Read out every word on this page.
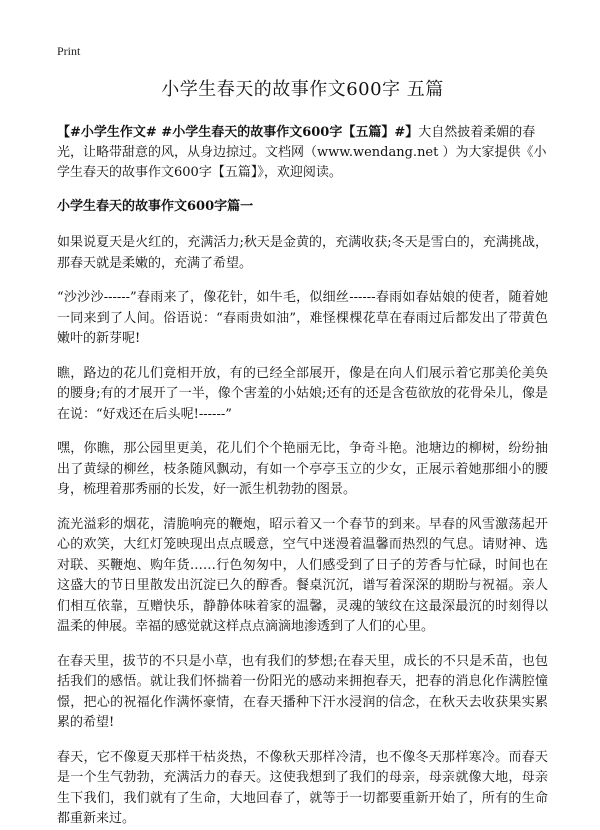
Print
小学生春天的故事作文600字 五篇

【#小学生作文# #小学生春天的故事作文600字【五篇】#】大自然披着柔媚的春光，让略带甜意的风，从身边掠过。文档网（www.wendang.net ）为大家提供《小学生春天的故事作文600字【五篇】》，欢迎阅读。

小学生春天的故事作文600字篇一

如果说夏天是火红的，充满活力;秋天是金黄的，充满收获;冬天是雪白的，充满挑战，那春天就是柔嫩的，充满了希望。

“沙沙沙------”春雨来了，像花针，如牛毛，似细丝------春雨如春姑娘的使者，随着她一同来到了人间。俗语说：“春雨贵如油”，难怪棵棵花草在春雨过后都发出了带黄色嫩叶的新芽呢!

瞧，路边的花儿们竟相开放，有的已经全部展开，像是在向人们展示着它那美伦美奂的腰身;有的才展开了一半，像个害羞的小姑娘;还有的还是含苞欲放的花骨朵儿，像是在说：“好戏还在后头呢!------”

嘿，你瞧，那公园里更美，花儿们个个艳丽无比，争奇斗艳。池塘边的柳树，纷纷抽出了黄绿的柳丝，枝条随风飘动，有如一个亭亭玉立的少女，正展示着她那细小的腰身，梳理着那秀丽的长发，好一派生机勃勃的图景。

流光溢彩的烟花，清脆响亮的鞭炮，昭示着又一个春节的到来。早春的风雪激荡起开心的欢笑，大红灯笼映现出点点暖意，空气中迷漫着温馨而热烈的气息。请财神、选对联、买鞭炮、购年货……行色匆匆中，人们感受到了日子的芳香与忙碌，时间也在这盛大的节日里散发出沉淀已久的醇香。餐桌沉沉，谱写着深深的期盼与祝福。亲人们相互依靠，互赠快乐，静静体味着家的温馨，灵魂的皱纹在这最深最沉的时刻得以温柔的伸展。幸福的感觉就这样点点滴滴地渗透到了人们的心里。

在春天里，拔节的不只是小草，也有我们的梦想;在春天里，成长的不只是禾苗，也包括我们的感悟。就让我们怀揣着一份阳光的感动来拥抱春天，把春的消息化作满腔憧憬，把心的祝福化作满怀豪情，在春天播种下汗水浸润的信念，在秋天去收获果实累累的希望!

春天，它不像夏天那样干枯炎热，不像秋天那样冷清，也不像冬天那样寒冷。而春天是一个生气勃勃，充满活力的春天。这使我想到了我们的母亲，母亲就像大地，母亲生下我们，我们就有了生命，大地回春了，就等于一切都要重新开始了，所有的生命都重新来过。
